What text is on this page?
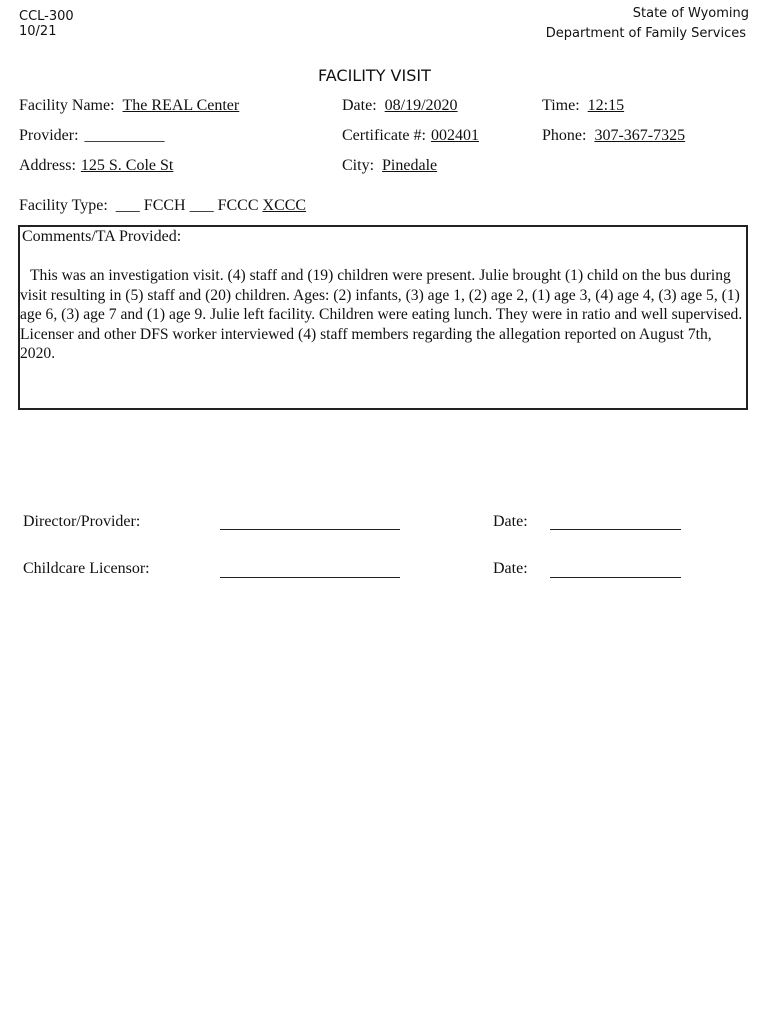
CCL-300
10/21
State of Wyoming
Department of Family Services
FACILITY VISIT
Facility Name: The REAL Center	Date: 08/19/2020	Time: 12:15
Provider: __________	Certificate #: 002401	Phone: 307-367-7325
Address: 125 S. Cole St	City: Pinedale
Facility Type: ___ FCCH ___ FCCC XCCC
Comments/TA Provided:
This was an investigation visit. (4) staff and (19) children were present. Julie brought (1) child on the bus during visit resulting in (5) staff and (20) children. Ages: (2) infants, (3) age 1, (2) age 2, (1) age 3, (4) age 4, (3) age 5, (1) age 6, (3) age 7 and (1) age 9. Julie left facility. Children were eating lunch. They were in ratio and well supervised. Licenser and other DFS worker interviewed (4) staff members regarding the allegation reported on August 7th, 2020.
Director/Provider:	Date:
Childcare Licensor:	Date:
